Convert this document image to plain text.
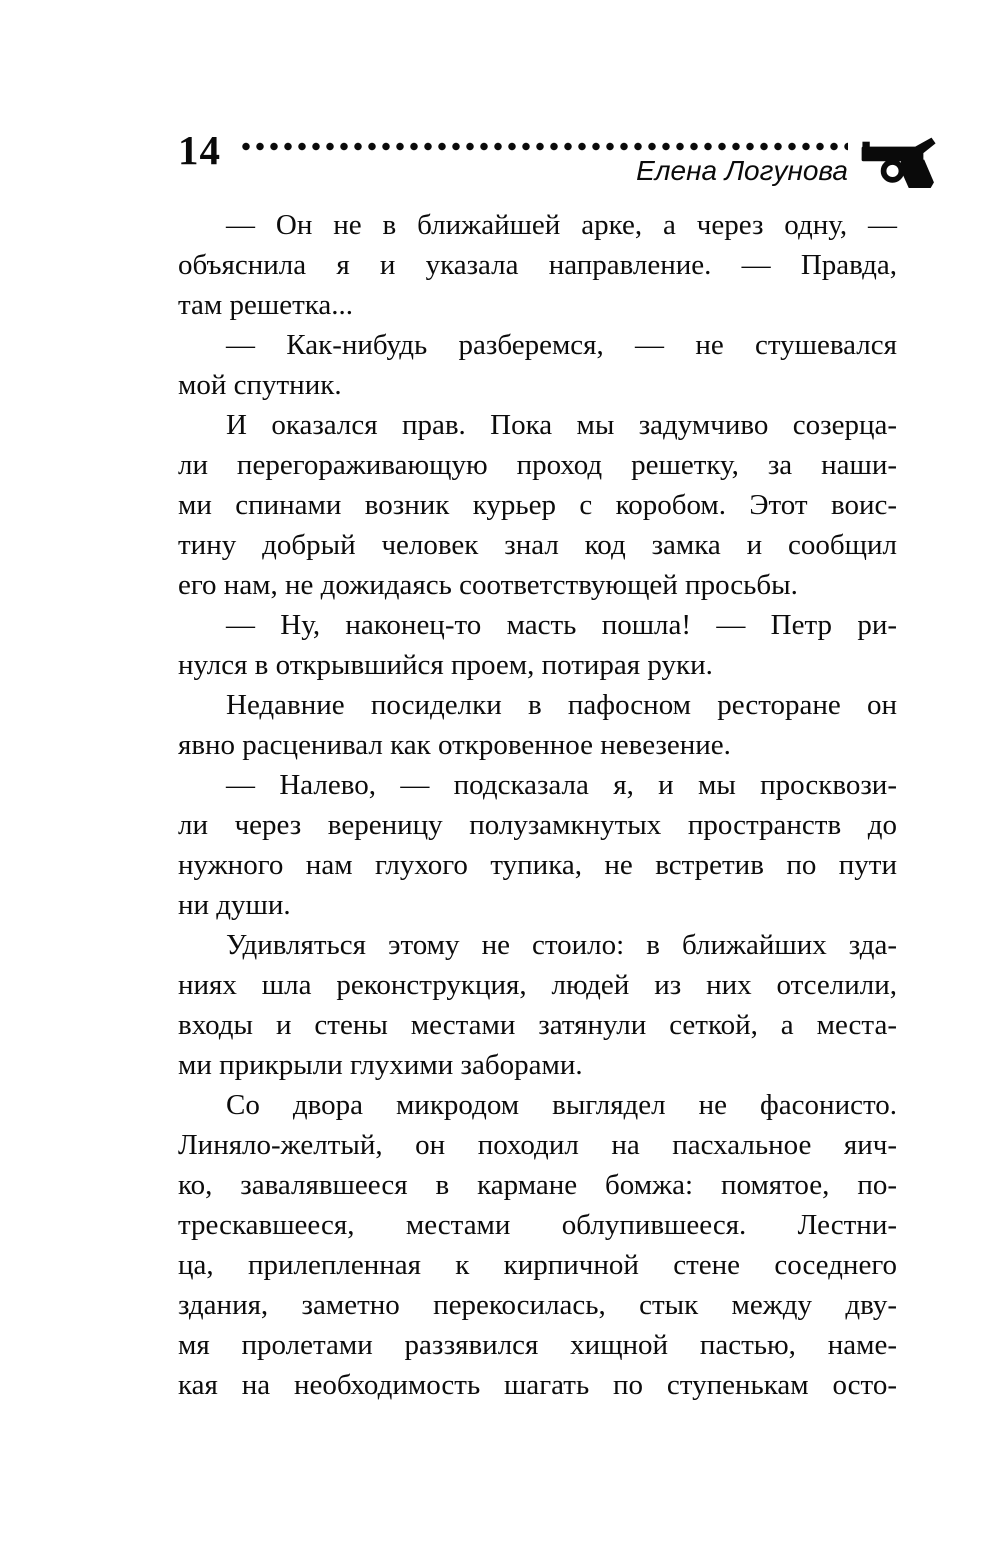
14	Елена Логунова
— Он не в ближайшей арке, а через одну, —
объяснила я и указала направление. — Правда,
там решетка...
— Как-нибудь разберемся, — не стушевался
мой спутник.
И оказался прав. Пока мы задумчиво созерца-
ли перегораживающую проход решетку, за наши-
ми спинами возник курьер с коробом. Этот воис-
тину добрый человек знал код замка и сообщил
его нам, не дожидаясь соответствующей просьбы.
— Ну, наконец-то масть пошла! — Петр ри-
нулся в открывшийся проем, потирая руки.
Недавние посиделки в пафосном ресторане он
явно расценивал как откровенное невезение.
— Налево, — подсказала я, и мы просквози-
ли через вереницу полузамкнутых пространств до
нужного нам глухого тупика, не встретив по пути
ни души.
Удивляться этому не стоило: в ближайших зда-
ниях шла реконструкция, людей из них отселили,
входы и стены местами затянули сеткой, а места-
ми прикрыли глухими заборами.
Со двора микродом выглядел не фасонисто.
Линяло-желтый, он походил на пасхальное яич-
ко, завалявшееся в кармане бомжа: помятое, по-
трескавшееся, местами облупившееся. Лестни-
ца, прилепленная к кирпичной стене соседнего
здания, заметно перекосилась, стык между дву-
мя пролетами раззявился хищной пастью, наме-
кая на необходимость шагать по ступенькам осто-
